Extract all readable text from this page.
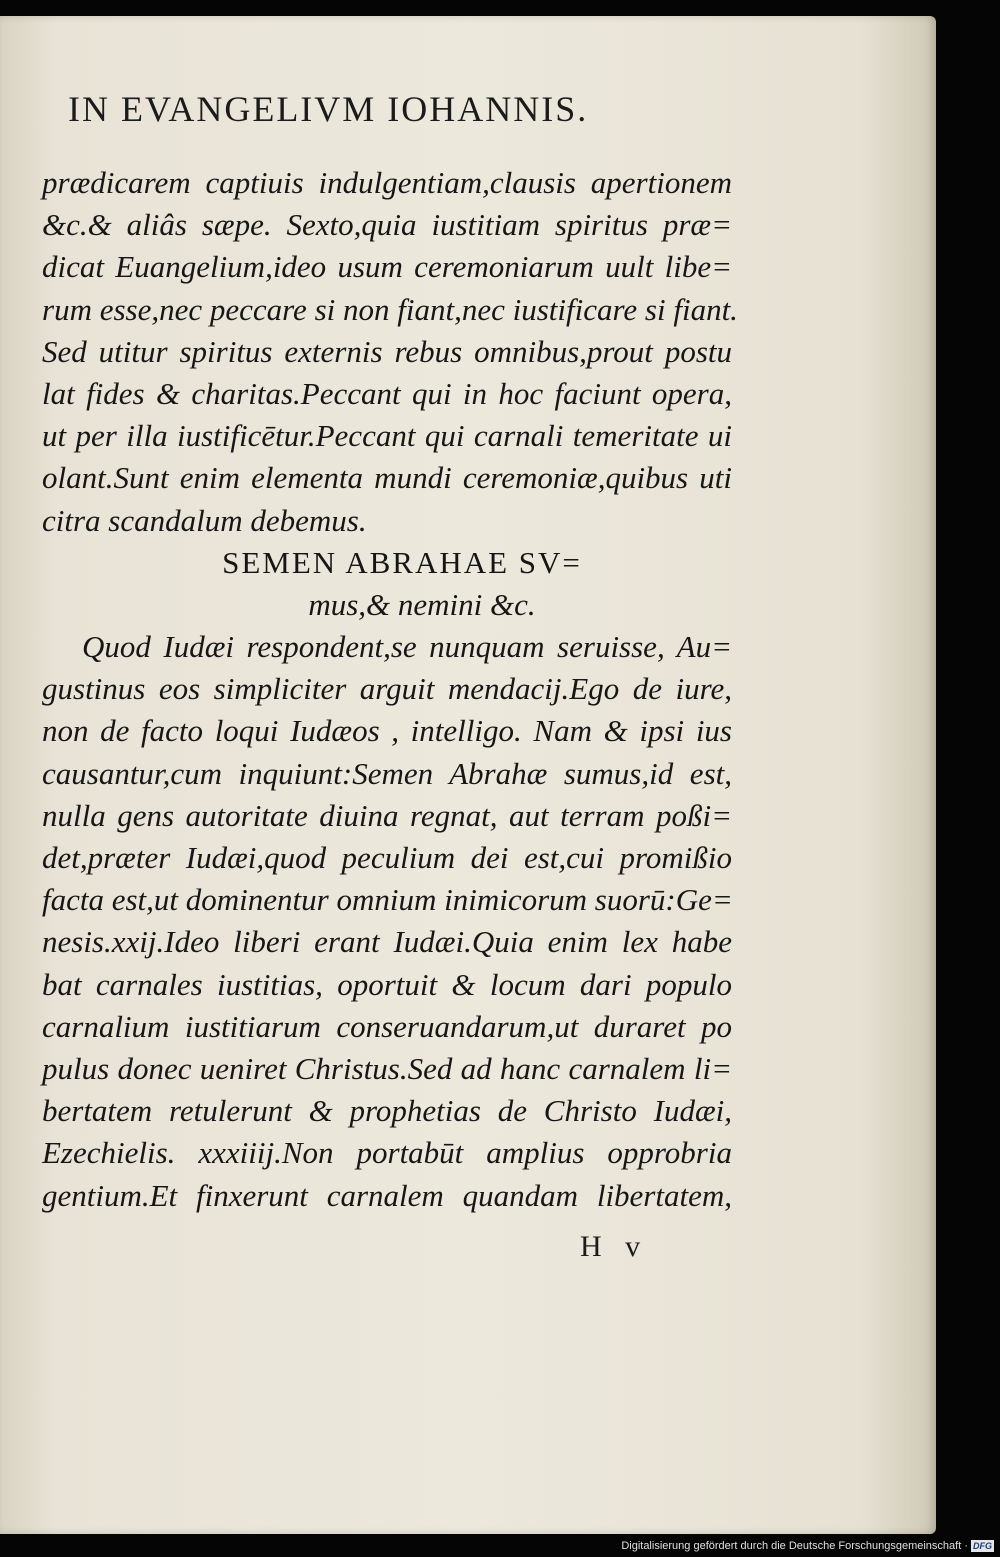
IN EVANGELIVM IOHANNIS.
prædicarem captiuis indulgentiam,clausis apertionem
&c.& aliâs sæpe. Sexto,quia iustitiam spiritus præ=
dicat Euangelium,ideo usum ceremoniarum uult libe=
rum esse,nec peccare si non fiant,nec iustificare si fiant.
Sed utitur spiritus externis rebus omnibus,prout postu
lat fides & charitas.Peccant qui in hoc faciunt opera,
ut per illa iustificētur.Peccant qui carnali temeritate ui
olant.Sunt enim elementa mundi ceremoniæ,quibus uti
citra scandalum debemus.
SEMEN ABRAHAE SV=
mus,& nemini &c.
Quod Iudæi respondent,se nunquam seruisse, Au=
gustinus eos simpliciter arguit mendacij.Ego de iure,
non de facto loqui Iudæos , intelligo. Nam & ipsi ius
causantur,cum inquiunt:Semen Abrahæ sumus,id est,
nulla gens autoritate diuina regnat, aut terram poßi=
det,præter Iudæi,quod peculium dei est,cui promißio
facta est,ut dominentur omnium inimicorum suorū:Ge=
nesis.xxij.Ideo liberi erant Iudæi.Quia enim lex habe
bat carnales iustitias, oportuit & locum dari populo
carnalium iustitiarum conseruandarum,ut duraret po
pulus donec ueniret Christus.Sed ad hanc carnalem li=
bertatem retulerunt & prophetias de Christo Iudæi,
Ezechielis. xxxiiij.Non portabūt amplius opprobria
gentium.Et finxerunt carnalem quandam libertatem,
H v
Digitalisierung gefördert durch die Deutsche Forschungsgemeinschaft · DFG
